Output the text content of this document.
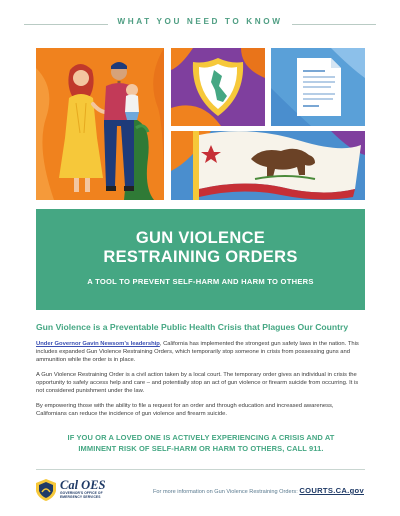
WHAT YOU NEED TO KNOW
GUN VIOLENCE
RESTRAINING ORDERS
A TOOL TO PREVENT SELF-HARM AND HARM TO OTHERS
Gun Violence is a Preventable Public Health Crisis that Plagues Our Country

Under Governor Gavin Newsom’s leadership, California has implemented the strongest gun safety laws in the nation. This includes expanded Gun Violence Restraining Orders, which temporarily stop someone in crisis from possessing guns and ammunition while the order is in place.

A Gun Violence Restraining Order is a civil action taken by a local court. The temporary order gives an individual in crisis the opportunity to safely access help and care – and potentially stop an act of gun violence or firearm suicide from occurring. It is not considered punishment under the law.

By empowering those with the ability to file a request for an order and through education and increased awareness, Californians can reduce the incidence of gun violence and firearm suicide.

IF YOU OR A LOVED ONE IS ACTIVELY EXPERIENCING A CRISIS AND AT
IMMINENT RISK OF SELF-HARM OR HARM TO OTHERS, CALL 911.
Cal OES
GOVERNOR'S OFFICE OF EMERGENCY SERVICES
For more information on Gun Violence Restraining Orders: COURTS.CA.gov
